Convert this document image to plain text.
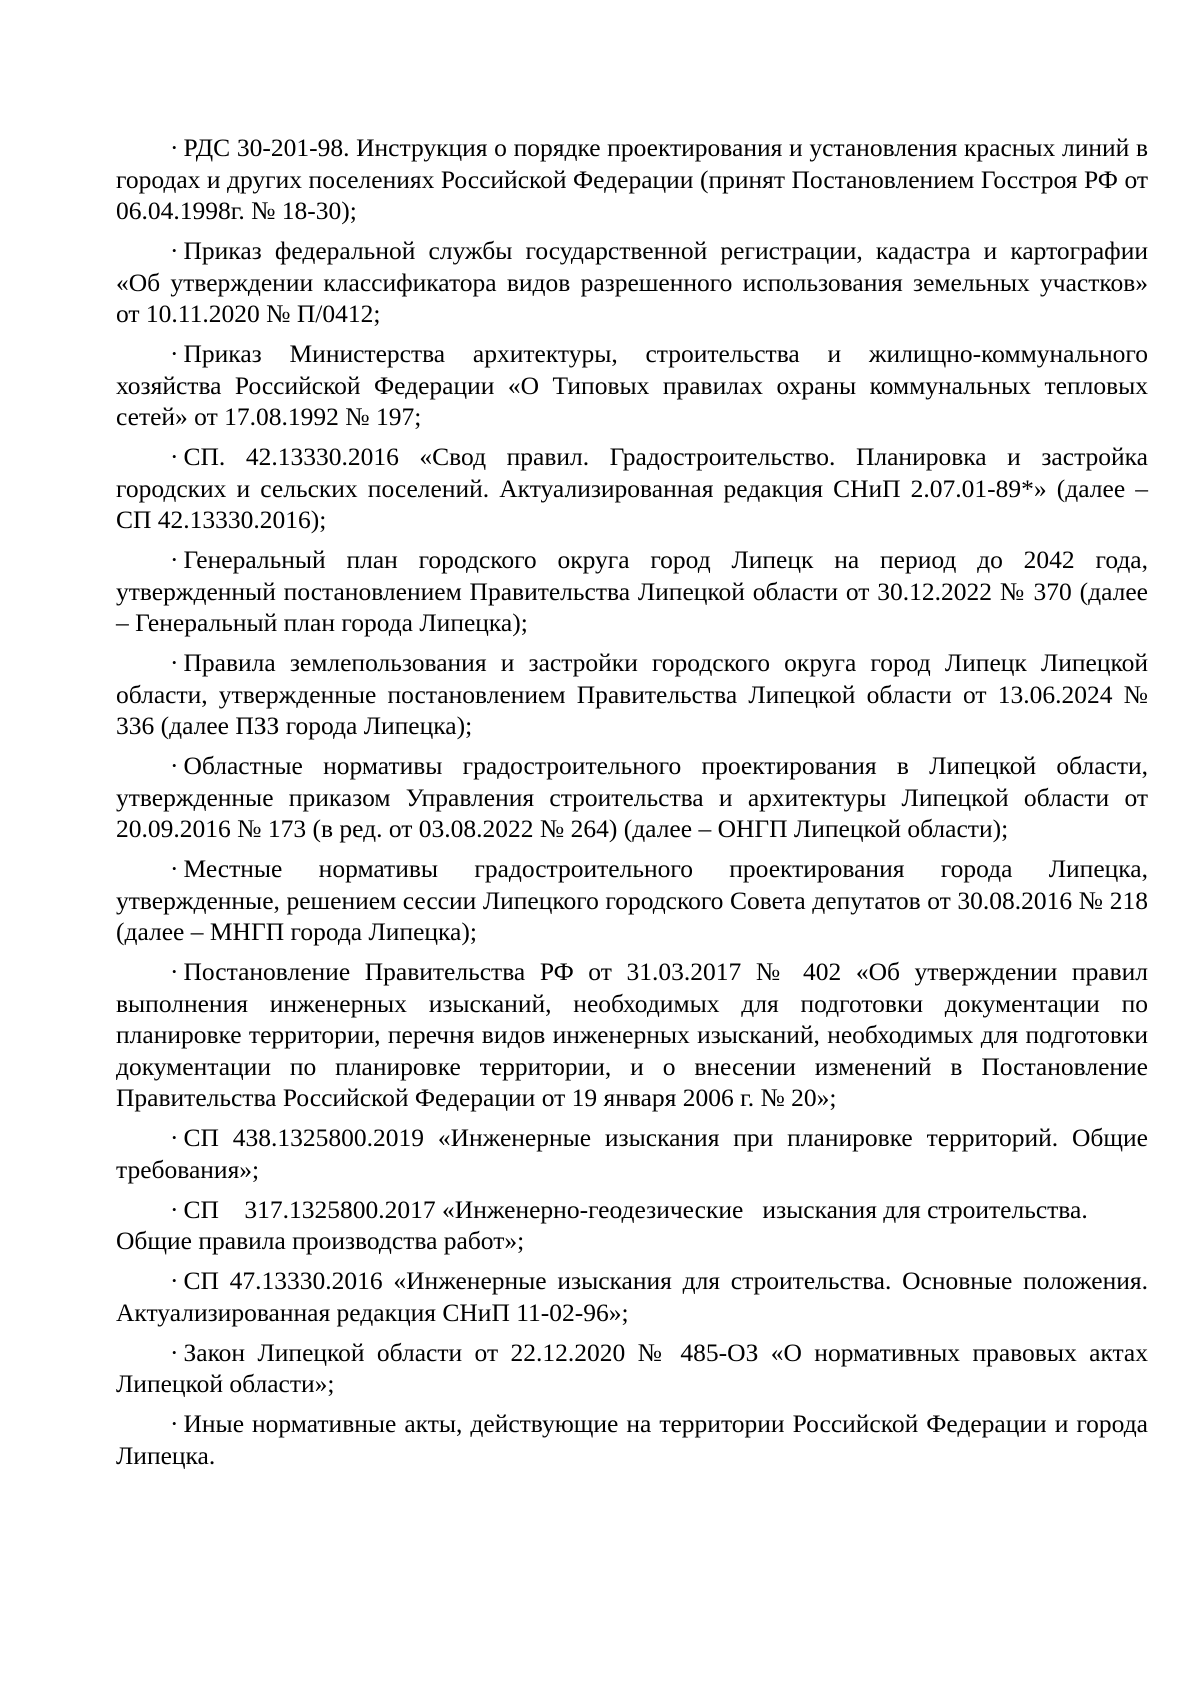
· РДС 30-201-98. Инструкция о порядке проектирования и установления красных линий в городах и других поселениях Российской Федерации (принят Постановлением Госстроя РФ от 06.04.1998г. № 18-30);

· Приказ федеральной службы государственной регистрации, кадастра и картографии «Об утверждении классификатора видов разрешенного использования земельных участков» от 10.11.2020 № П/0412;

· Приказ Министерства архитектуры, строительства и жилищно-коммунального хозяйства Российской Федерации «О Типовых правилах охраны коммунальных тепловых сетей» от 17.08.1992 № 197;

· СП. 42.13330.2016 «Свод правил. Градостроительство. Планировка и застройка городских и сельских поселений. Актуализированная редакция СНиП 2.07.01-89*» (далее – СП 42.13330.2016);

· Генеральный план городского округа город Липецк на период до 2042 года, утвержденный постановлением Правительства Липецкой области от 30.12.2022 № 370 (далее – Генеральный план города Липецка);

· Правила землепользования и застройки городского округа город Липецк Липецкой области, утвержденные постановлением Правительства Липецкой области от 13.06.2024 № 336 (далее ПЗЗ города Липецка);

· Областные нормативы градостроительного проектирования в Липецкой области, утвержденные приказом Управления строительства и архитектуры Липецкой области от 20.09.2016 № 173 (в ред. от 03.08.2022 № 264) (далее – ОНГП Липецкой области);

· Местные нормативы градостроительного проектирования города Липецка, утвержденные, решением сессии Липецкого городского Совета депутатов от 30.08.2016 № 218 (далее – МНГП города Липецка);

· Постановление Правительства РФ от 31.03.2017 № 402 «Об утверждении правил выполнения инженерных изысканий, необходимых для подготовки документации по планировке территории, перечня видов инженерных изысканий, необходимых для подготовки документации по планировке территории, и о внесении изменений в Постановление Правительства Российской Федерации от 19 января 2006 г. № 20»;

· СП 438.1325800.2019 «Инженерные изыскания при планировке территорий. Общие требования»;

· СП    317.1325800.2017 «Инженерно-геодезические   изыскания для строительства. Общие правила производства работ»;

· СП 47.13330.2016 «Инженерные изыскания для строительства. Основные положения. Актуализированная редакция СНиП 11-02-96»;

· Закон Липецкой области от 22.12.2020 № 485-ОЗ «О нормативных правовых актах Липецкой области»;

· Иные нормативные акты, действующие на территории Российской Федерации и города Липецка.
